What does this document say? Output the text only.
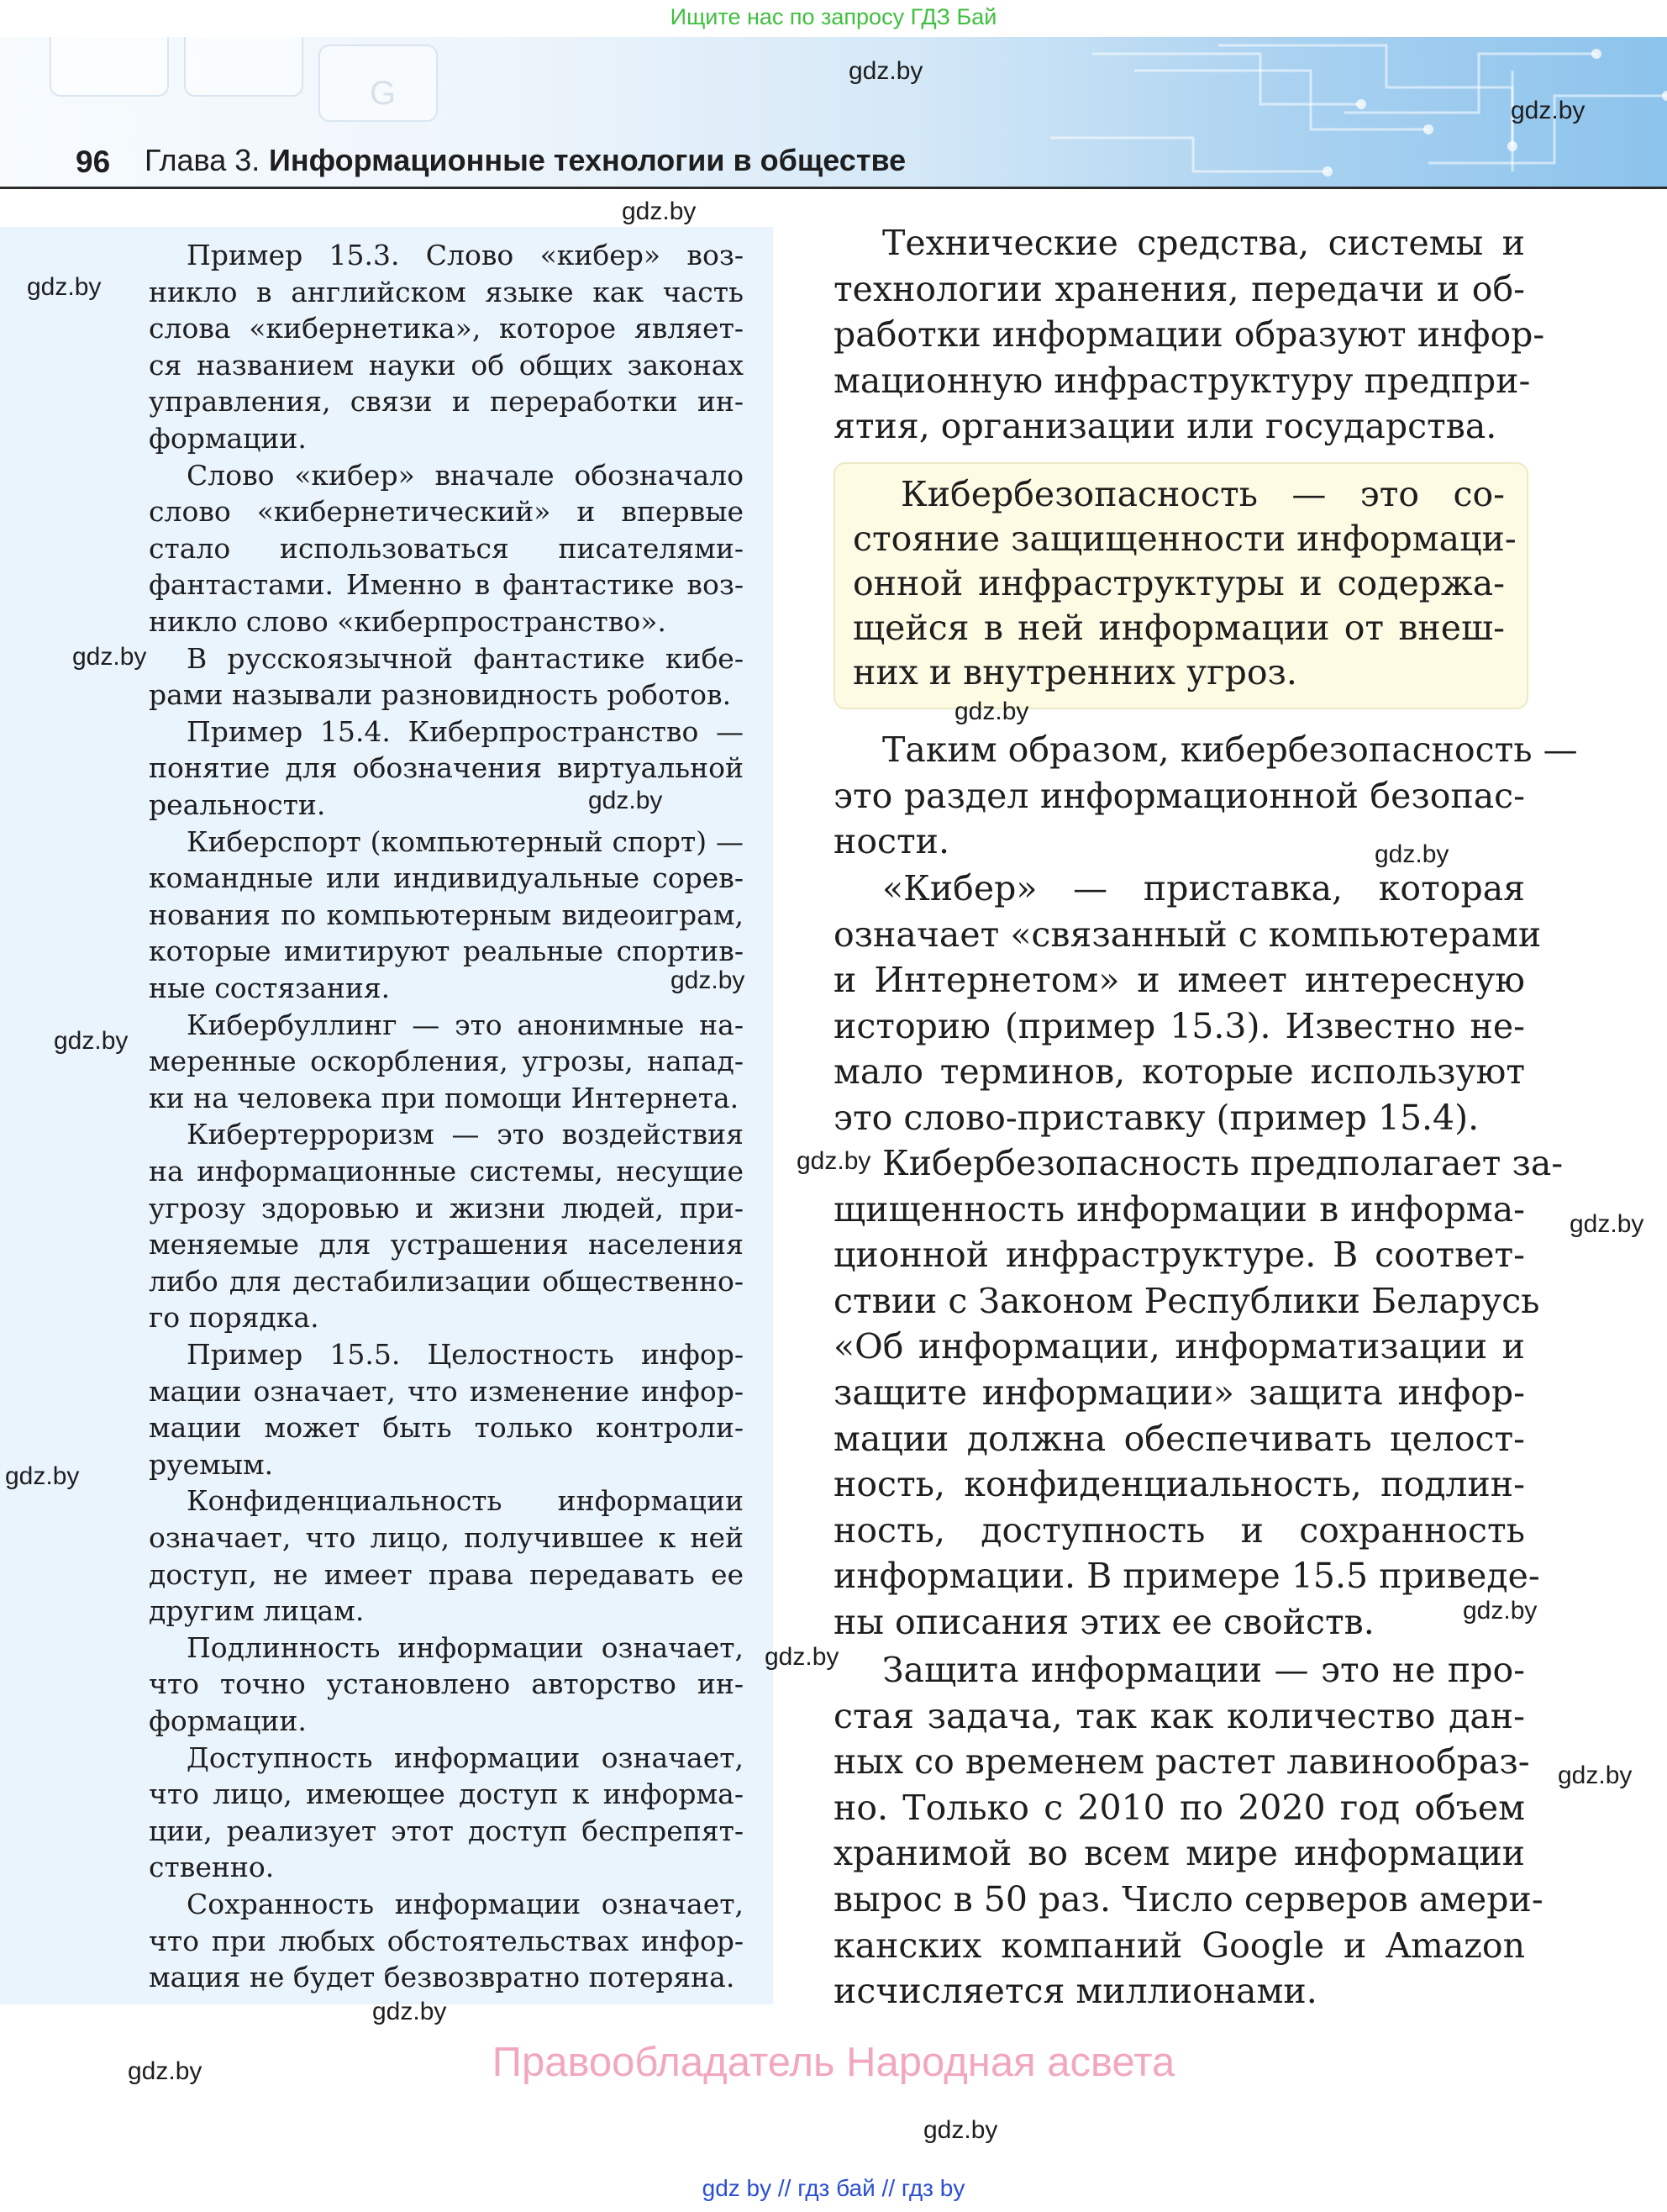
Ищите нас по запросу ГДЗ Бай
G
96 Глава 3. Информационные технологии в обществе
Пример 15.3. Слово «кибер» воз-
никло в английском языке как часть
слова «кибернетика», которое являет-
ся названием науки об общих законах
управления, связи и переработки ин-
формации.
Слово «кибер» вначале обозначало
слово «кибернетический» и впервые
стало использоваться писателями-
фантастами. Именно в фантастике воз-
никло слово «киберпространство».
В русскоязычной фантастике кибе-
рами называли разновидность роботов.
Пример 15.4. Киберпространство —
понятие для обозначения виртуальной
реальности.
Киберспорт (компьютерный спорт) —
командные или индивидуальные сорев-
нования по компьютерным видеоиграм,
которые имитируют реальные спортив-
ные состязания.
Кибербуллинг — это анонимные на-
меренные оскорбления, угрозы, напад-
ки на человека при помощи Интернета.
Кибертерроризм — это воздействия
на информационные системы, несущие
угрозу здоровью и жизни людей, при-
меняемые для устрашения населения
либо для дестабилизации общественно-
го порядка.
Пример 15.5. Целостность инфор-
мации означает, что изменение инфор-
мации может быть только контроли-
руемым.
Конфиденциальность информации
означает, что лицо, получившее к ней
доступ, не имеет права передавать ее
другим лицам.
Подлинность информации означает,
что точно установлено авторство ин-
формации.
Доступность информации означает,
что лицо, имеющее доступ к информа-
ции, реализует этот доступ беспрепят-
ственно.
Сохранность информации означает,
что при любых обстоятельствах инфор-
мация не будет безвозвратно потеряна.
Технические средства, системы и
технологии хранения, передачи и об-
работки информации образуют инфор-
мационную инфраструктуру предпри-
ятия, организации или государства.
Таким образом, кибербезопасность —
это раздел информационной безопас-
ности.
«Кибер» — приставка, которая
означает «связанный с компьютерами
и Интернетом» и имеет интересную
историю (пример 15.3). Известно не-
мало терминов, которые используют
это слово-приставку (пример 15.4).
Кибербезопасность предполагает за-
щищенность информации в информа-
ционной инфраструктуре. В соответ-
ствии с Законом Республики Беларусь
«Об информации, информатизации и
защите информации» защита инфор-
мации должна обеспечивать целост-
ность, конфиденциальность, подлин-
ность, доступность и сохранность
информации. В примере 15.5 приведе-
ны описания этих ее свойств.
Защита информации — это не про-
стая задача, так как количество дан-
ных со временем растет лавинообраз-
но. Только с 2010 по 2020 год объем
хранимой во всем мире информации
вырос в 50 раз. Число серверов амери-
канских компаний Google и Amazon
исчисляется миллионами.
Кибербезопасность — это со-
стояние защищенности информаци-
онной инфраструктуры и содержа-
щейся в ней информации от внеш-
них и внутренних угроз.
gdz.by
gdz.by
gdz.by
gdz.by
gdz.by
gdz.by
gdz.by
gdz.by
gdz.by
gdz.by
gdz.by
gdz.by
gdz.by
gdz.by
gdz.by
gdz.by
gdz.by
gdz.by
gdz.by
Правообладатель Народная асвета
gdz by // гдз бай // гдз by
